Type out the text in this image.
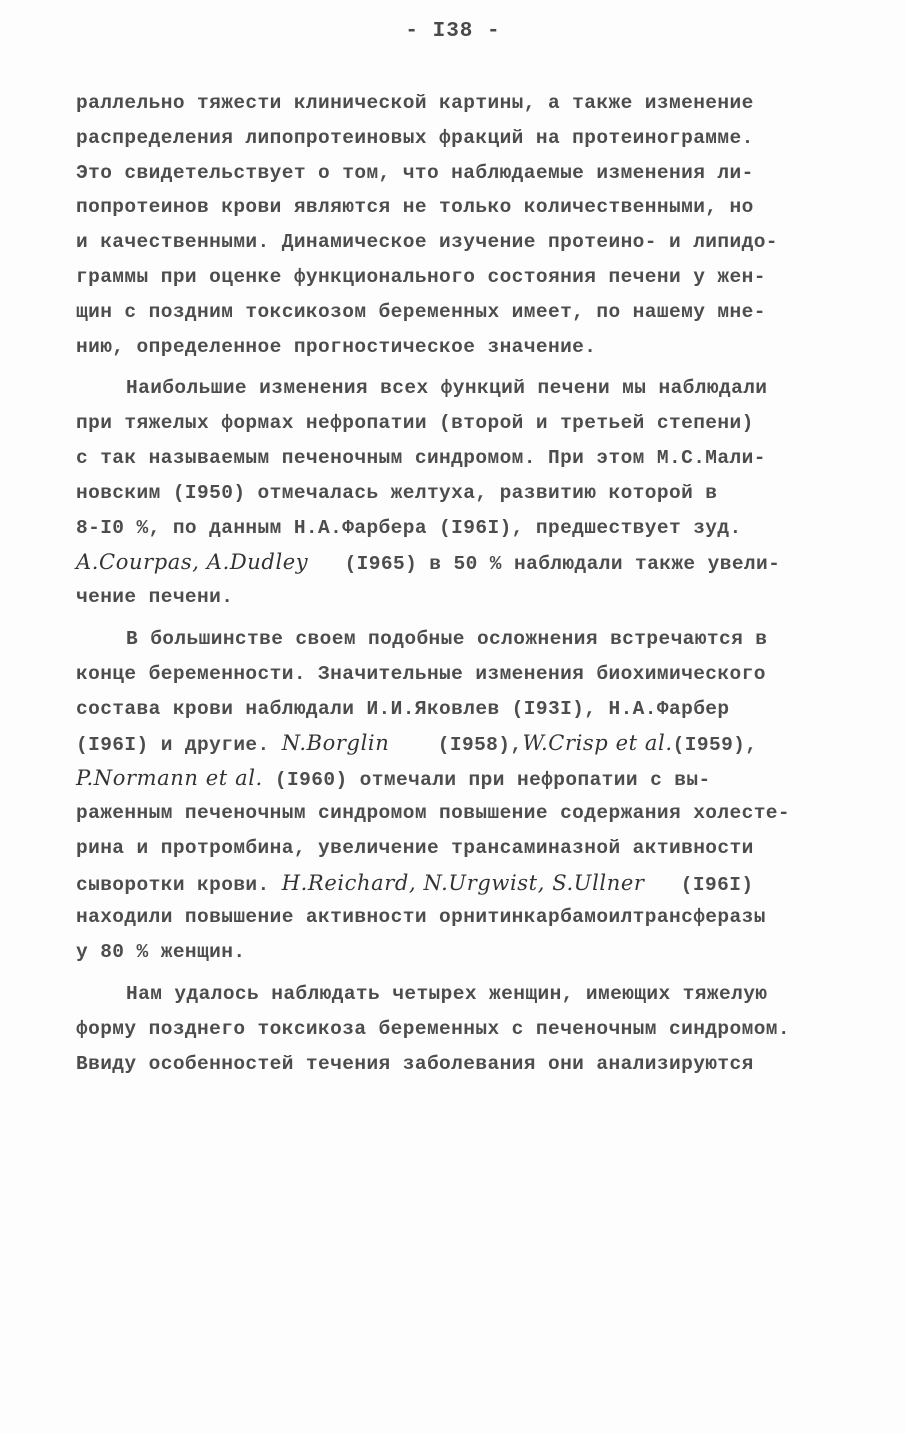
- I38 -
раллельно тяжести клинической картины, а также изменение
распределения липопротеиновых фракций на протеинограмме.
Это свидетельствует о том, что наблюдаемые изменения ли-
попротеинов крови являются не только количественными, но
и качественными. Динамическое изучение протеино- и липидо-
граммы при оценке функционального состояния печени у жен-
щин с поздним токсикозом беременных имеет, по нашему мне-
нию, определенное прогностическое значение.
Наибольшие изменения всех функций печени мы наблюдали
при тяжелых формах нефропатии (второй и третьей степени)
с так называемым печеночным синдромом. При этом М.С.Мали-
новским (I950) отмечалась желтуха, развитию которой в
8-I0 %, по данным Н.А.Фарбера (I96I), предшествует зуд.
A.Courpas, A.Dudley   (I965) в 50 % наблюдали также увели-
чение печени.
В большинстве своем подобные осложнения встречаются в
конце беременности. Значительные изменения биохимического
состава крови наблюдали И.И.Яковлев (I93I), Н.А.Фарбер
(I96I) и другие. N.Borglin    (I958),W.Crisp et al.(I959),
P.Normann et al. (I960) отмечали при нефропатии с вы-
раженным печеночным синдромом повышение содержания холесте-
рина и протромбина, увеличение трансаминазной активности
сыворотки крови. H.Reichard, N.Urgwist, S.Ullner   (I96I)
находили повышение активности орнитинкарбамоилтрансферазы
у 80 % женщин.
Нам удалось наблюдать четырех женщин, имеющих тяжелую
форму позднего токсикоза беременных с печеночным синдромом.
Ввиду особенностей течения заболевания они анализируются
